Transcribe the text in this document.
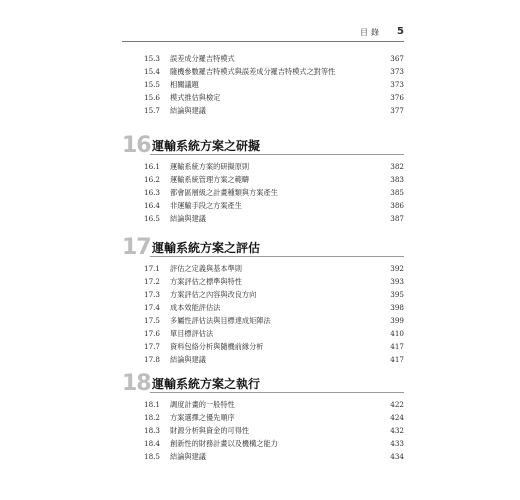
目錄 5
15.3 誤差成分羅吉特模式	367
15.4 隨機參數羅吉特模式與誤差成分羅吉特模式之對等性	373
15.5 相關議題	373
15.6 模式推估與檢定	376
15.7 結論與建議	377
16 運輸系統方案之研擬
16.1 運輸系統方案的研擬原則	382
16.2 運輸系統管理方案之範疇	383
16.3 都會區層級之計畫種類與方案產生	385
16.4 非運輸手段之方案產生	386
16.5 結論與建議	387
17 運輸系統方案之評估
17.1 評估之定義與基本準則	392
17.2 方案評估之標準與特性	393
17.3 方案評估之內容與改良方向	395
17.4 成本效能評估法	398
17.5 多屬性評估法與目標達成矩陣法	399
17.6 單目標評估法	410
17.7 資料包絡分析與隨機前緣分析	417
17.8 結論與建議	417
18 運輸系統方案之執行
18.1 調度計畫的一般特性	422
18.2 方案選擇之優先順序	424
18.3 財源分析與資金的可得性	432
18.4 創新性的財務計畫以及機構之能力	433
18.5 結論與建議	434
